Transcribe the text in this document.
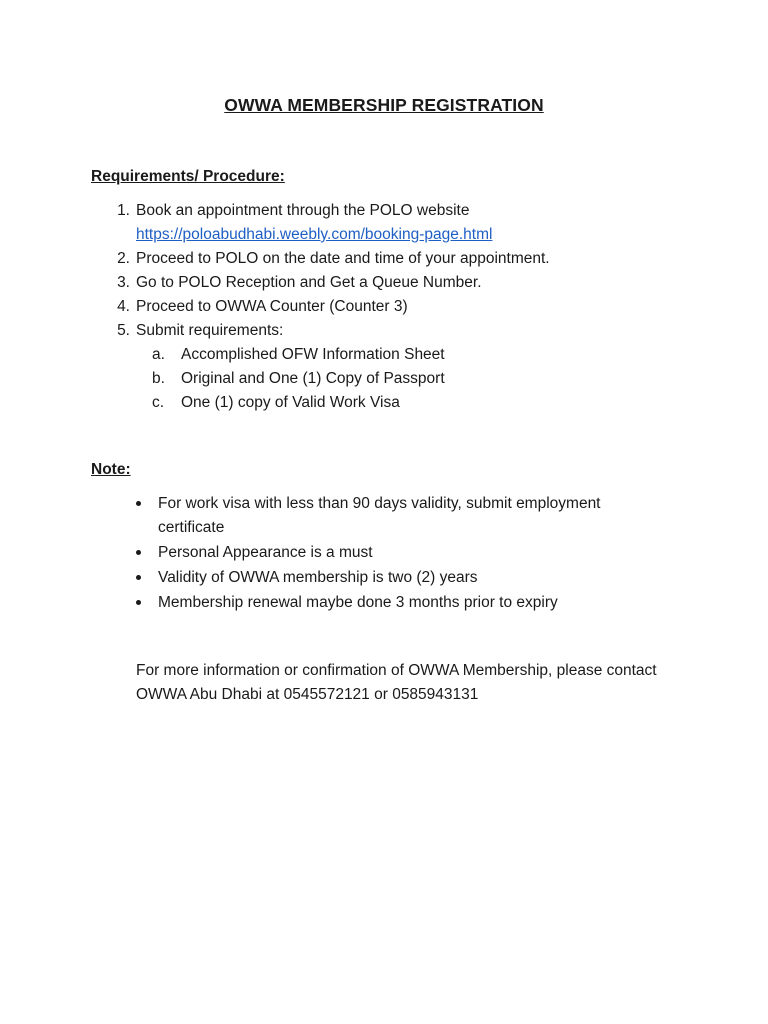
OWWA MEMBERSHIP REGISTRATION
Requirements/ Procedure:
1. Book an appointment through the POLO website
https://poloabudhabi.weebly.com/booking-page.html
2. Proceed to POLO on the date and time of your appointment.
3. Go to POLO Reception and Get a Queue Number.
4. Proceed to OWWA Counter (Counter 3)
5. Submit requirements:
a.	Accomplished OFW Information Sheet
b.	Original and One (1) Copy of Passport
c.	One (1) copy of Valid Work Visa
Note:
For work visa with less than 90 days validity, submit employment certificate
Personal Appearance is a must
Validity of OWWA membership is two (2) years
Membership renewal maybe done 3 months prior to expiry
For more information or confirmation of OWWA Membership, please contact OWWA Abu Dhabi at 0545572121 or 0585943131
